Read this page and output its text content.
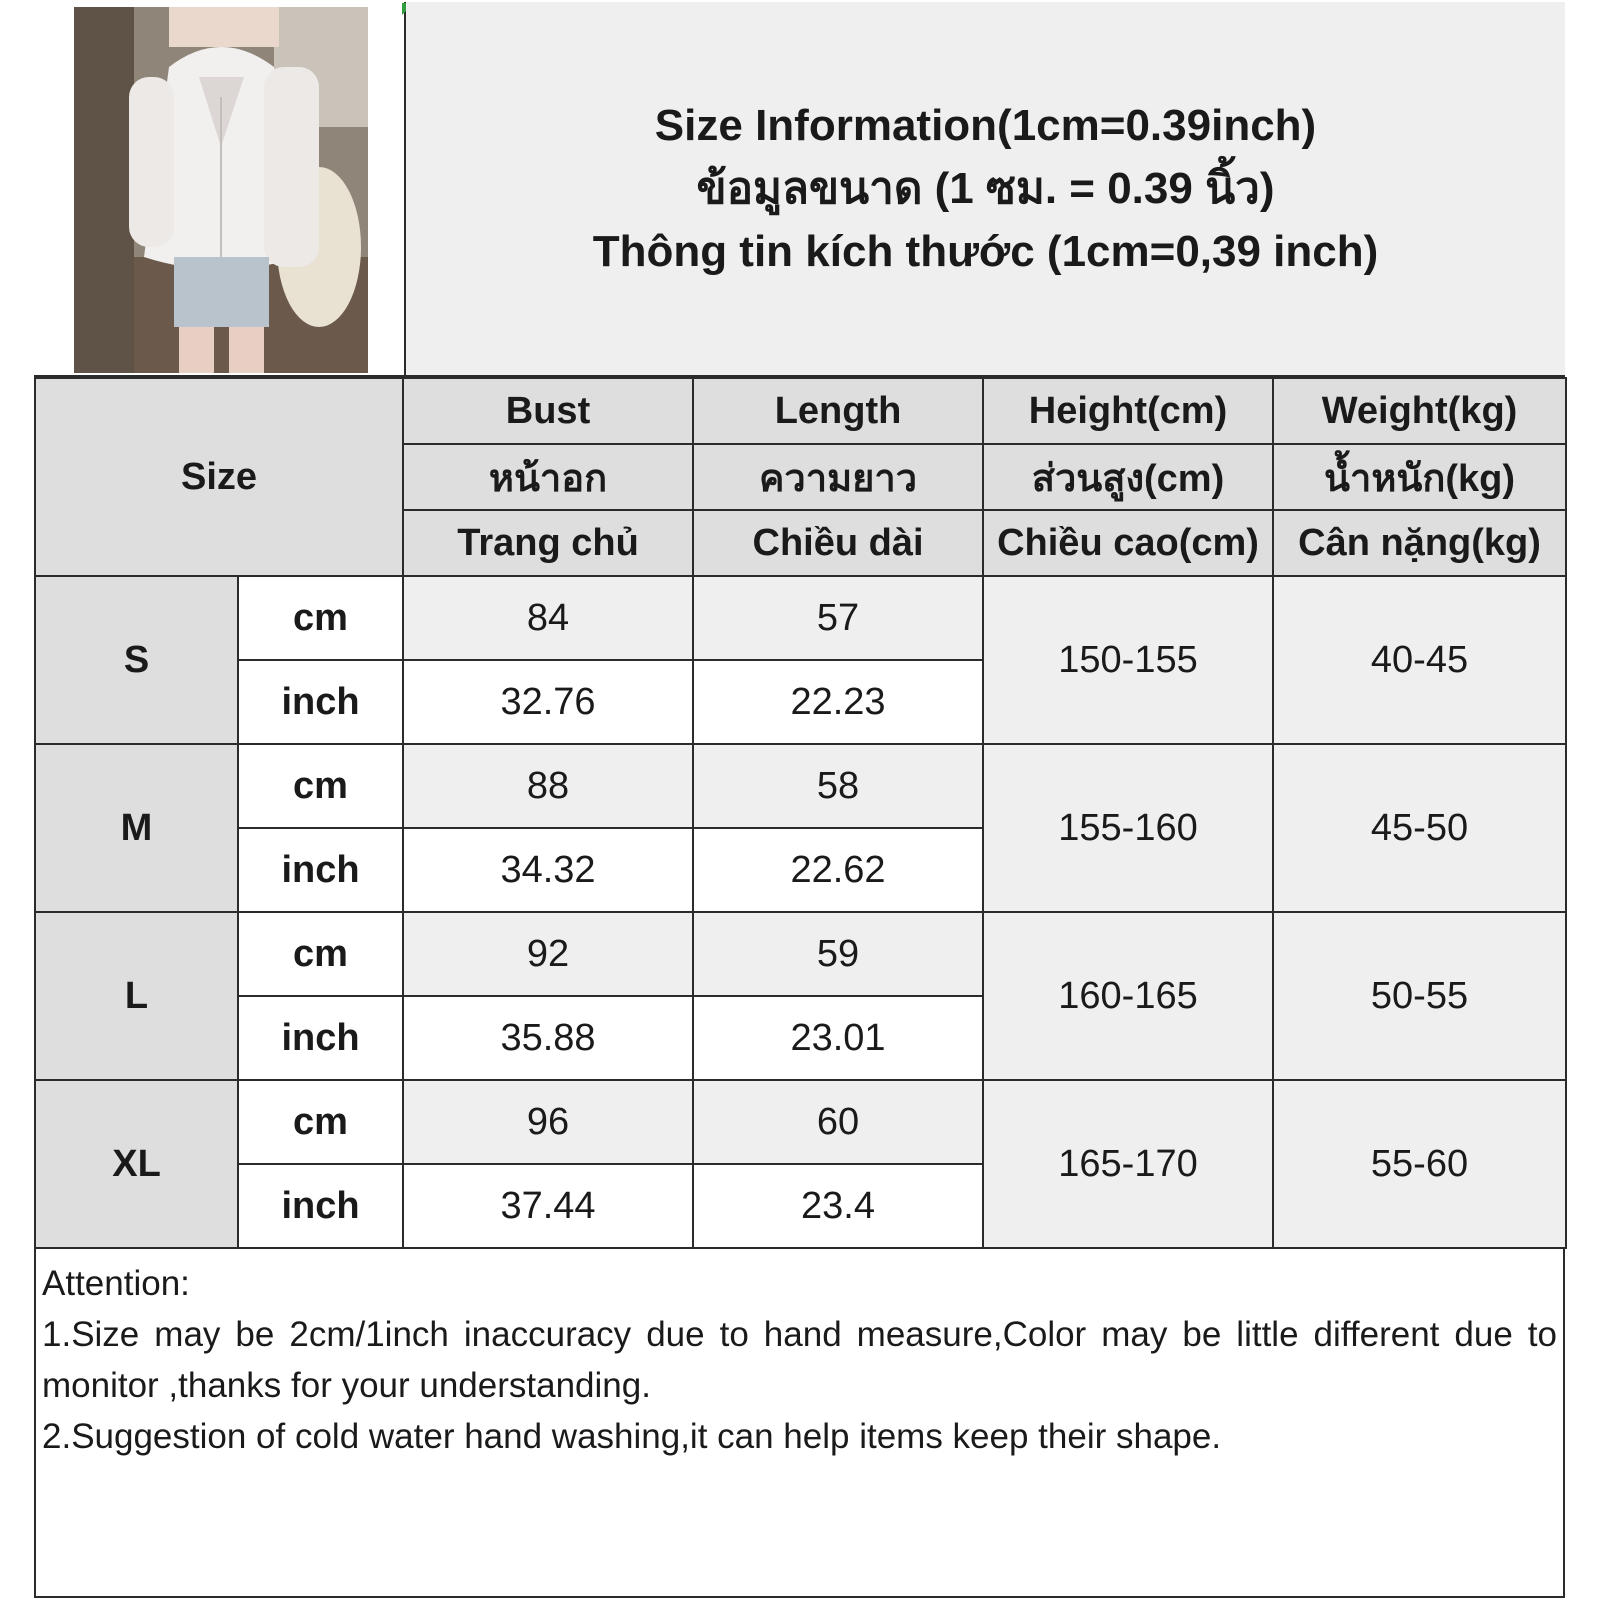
Size Information(1cm=0.39inch)
ข้อมูลขนาด (1 ซม. = 0.39 นิ้ว)
Thông tin kích thước (1cm=0,39 inch)
Size		Bust	Length	Height(cm)	Weight(kg)
		หน้าอก	ความยาว	ส่วนสูง(cm)	น้ำหนัก(kg)
		Trang chủ	Chiều dài	Chiều cao(cm)	Cân nặng(kg)
S	cm	84	57	150-155	40-45
	inch	32.76	22.23		
M	cm	88	58	155-160	45-50
	inch	34.32	22.62		
L	cm	92	59	160-165	50-55
	inch	35.88	23.01		
XL	cm	96	60	165-170	55-60
	inch	37.44	23.4		
Attention:
1.Size may be 2cm/1inch inaccuracy due to hand measure,Color may be little different due to monitor ,thanks for your understanding.
2.Suggestion of cold water hand washing,it can help items keep their shape.
